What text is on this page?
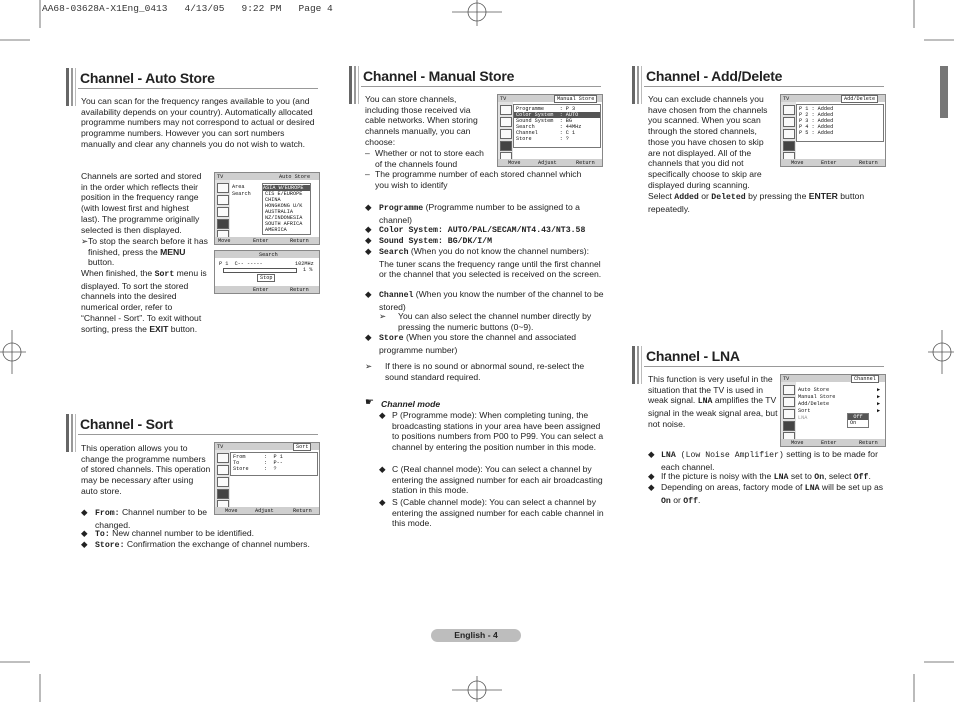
AA68-03628A-X1Eng_0413   4/13/05   9:22 PM   Page 4
Channel - Auto Store
You can scan for the frequency ranges available to you (and availability depends on your country). Automatically allocated programme numbers may not correspond to actual or desired programme numbers. However you can sort numbers manually and clear any channels you do not wish to watch.
Channels are sorted and stored in the order which reflects their position in the frequency range (with lowest first and highest last). The programme originally selected is then displayed.
➢ To stop the search before it has finished, press the MENU button.
When finished, the Sort menu is displayed. To sort the stored channels into the desired numerical order, refer to “Channel - Sort”. To exit without sorting, press the EXIT button.
TV	Auto Store
Area
Search
ASIA W/EUROPE
CIS E/EUROPE
CHINA
HONGKONG U/K
AUSTRALIA
NZ/INDONESIA
SOUTH AFRICA
AMERICA
Move	Enter	Return
Search
P 1  C-- -----	102MHz
1 %
Stop
Enter	Return
Channel - Sort
This operation allows you to change the programme numbers of stored channels. This operation may be necessary after using auto store.
◆ From: Channel number to be changed.
◆ To: New channel number to be identified.
◆ Store: Confirmation the exchange of channel numbers.
TV	Sort
From      :  P 1
To        :  P--
Store     :  ?
Move	Adjust	Return
Channel - Manual Store
You can store channels, including those received via cable networks. When storing channels manually, you can choose:
– Whether or not to store each of the channels found
– The programme number of each stored channel which you wish to identify
◆ Programme (Programme number to be assigned to a channel)
◆ Color System: AUTO/PAL/SECAM/NT4.43/NT3.58
◆ Sound System: BG/DK/I/M
◆ Search (When you do not know the channel numbers): The tuner scans the frequency range until the first channel or the channel that you selected is received on the screen.
◆ Channel (When you know the number of the channel to be stored)
➢	You can also select the channel number directly by pressing the numeric buttons (0~9).
◆ Store (When you store the channel and associated programme number)
➢	If there is no sound or abnormal sound, re-select the sound standard required.
☛ Channel mode
◆ P (Programme mode): When completing tuning, the broadcasting stations in your area have been assigned to positions numbers from P00 to P99. You can select a channel by entering the position number in this mode.
◆ C (Real channel mode): You can select a channel by entering the assigned number for each air broadcasting station in this mode.
◆ S (Cable channel mode): You can select a channel by entering the assigned number for each cable channel in this mode.
TV	Manual Store
Programme     : P 3
Color System  : AUTO
Sound System  : BG
Search        : 44MHz
Channel       : C 1
Store         : ?
Move	Adjust	Return
Channel - Add/Delete
You can exclude channels you have chosen from the channels you scanned. When you scan through the stored channels, those you have chosen to skip are not displayed. All of the channels that you did not specifically choose to skip are displayed during scanning.
Select Added or Deleted by pressing the ENTER button repeatedly.
TV	Add/Delete
P 1 : Added
P 2 : Added
P 3 : Added
P 4 : Added
P 5 : Added
Move	Enter	Return
Channel - LNA
This function is very useful in the situation that the TV is used in weak signal. LNA amplifies the TV signal in the weak signal area, but not noise.
◆ LNA (Low Noise Amplifier) setting is to be made for each channel.
◆ If the picture is noisy with the LNA set to On, select Off.
◆ Depending on areas, factory mode of LNA will be set up as On or Off.
TV	Channel
Auto Store
Manual Store
Add/Delete
Sort
LNA
▶
▶
▶
▶
Off
On
Move	Enter	Return
English - 4
